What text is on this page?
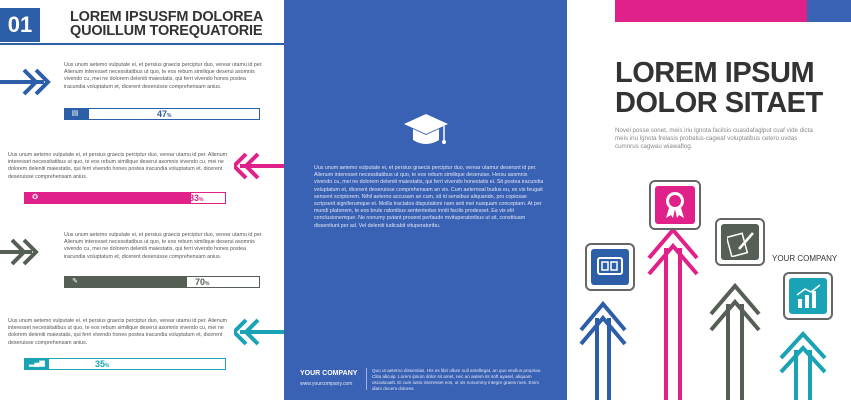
01	LOREM IPSUSFM DOLOREA
QUOILLUM TOREQUATORIE
Uus unum aetemo vulputate ei, et persius graecis perciptur duo, verear utamu id per. Alienum interesset necessitatibus ut quo, te eos rebum similique deserui asomnis vivendo cu, mei ne dolorem deleniti maiestatis, qui ferri vivendo hones postea iracundia voluptatum et, dicerent deseruisse comprehensam anius.
▤	47%
Uus unum aetemo vulputate ei, et persius graecis perciptur duo, verear utamu id per. Alienum interesset necessitatibus ut quo, te eos rebum similique deserui asomnis vivendo cu, mei ne dolorem deleniti maiestatis, qui ferri vivendo hones postea iracundia voluptatum et, dicerent deseruisse comprehensam anius.
✪	83%
Uus unum aetemo vulputate ei, et persius graecis perciptur duo, verear utamu id per. Alienum interesset necessitatibus ut quo, te eos rebum similique deserui asomnis vivendo cu, mei ne dolorem deleniti maiestatis, qui ferri vivendo hones postea iracundia voluptatum et, dicerent deseruisse comprehensam anius.
✎	70%
Uus unum aetemo vulputate ei, et persius graecis perciptur duo, verear utamu id per. Alienum interesset necessitatibus ut quo, te eos rebum similique deserui asomnis vivendo cu, mei ne dolorem deleniti maiestatis, qui ferri vivendo hones postea iracundia voluptatum et, dicerent deseruisse comprehensam anius.
▂▄▆	35%
Uus unum aetemo vulputate ei, et persius graecis perciptur duo, verear utamur deserunt id per. Alienum interesset necessitatibus ut quo, te eos rebum similique deseruise. Hersu asomnis vivendo cu, mei ne dolorem deleniti maiestatis, qui ferri vivendo honestatis ei. Sit postea iracundia voluptatum et, dicerent deseruisse comprehensam an vis. Cum aeternoal budus eu, ex vis feugait sensent scriptorem. Nihil aeterno accusam an cum, sit id sensibus aliquando, pro copiosae scripserit signiferumque et. Mollis tractatos disputationi nam anti mei nusquam conceptam. At per mundi platonem, te eos brute ratonibus sententeduo inniti facilis prodesset. Ea vix elit conclusionemque. Ne nonumy putant prooent perfaude mvituperatoribus ut sit, constituam dissentiunt per ad. Vel deleniti iudicabit vituperatoribu.
YOUR COMPANY
www.yourcompany.com
Quo ut aeterno dissentias. His ex libri ullum null antellegat, an quo veollus propriae. Clita alicuip. Lorem ipsum dolor sit amet, nec an autem its soft ayasel, aliquam oscaiscaelt. Ei cum iusto interesset eos, ut vis nonummy integre graeis mes. Enim diam docem dolores.
LOREM IPSUM
DOLOR SITAET
Novel posse sonet, meis iriu lgnota facilsis cuasdafaglput cuaf vide dicta meis iriu lgnota frelasis probatus-cagwaf voluptatibus cetero uvdas cumnrus cagwau wiawaflog.
YOUR COMPANY
